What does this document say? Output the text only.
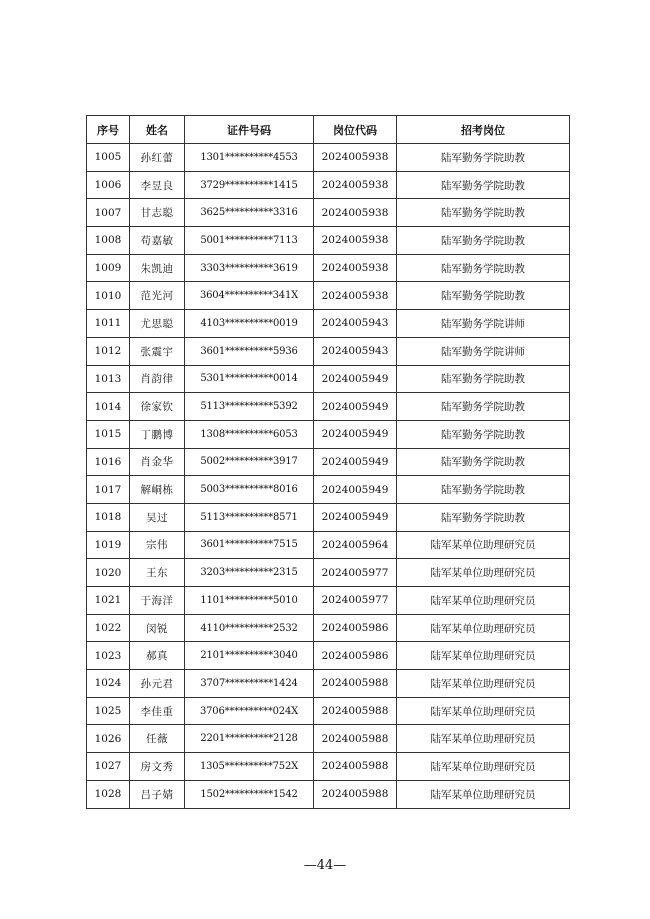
序号	姓名	证件号码	岗位代码	招考岗位
1005	孙红蕾	1301**********4553	2024005938	陆军勤务学院助教
1006	李昱良	3729**********1415	2024005938	陆军勤务学院助教
1007	甘志聪	3625**********3316	2024005938	陆军勤务学院助教
1008	苟嘉敏	5001**********7113	2024005938	陆军勤务学院助教
1009	朱凯迪	3303**********3619	2024005938	陆军勤务学院助教
1010	范光河	3604**********341X	2024005938	陆军勤务学院助教
1011	尤思聪	4103**********0019	2024005943	陆军勤务学院讲师
1012	张震宇	3601**********5936	2024005943	陆军勤务学院讲师
1013	肖韵律	5301**********0014	2024005949	陆军勤务学院助教
1014	徐家钦	5113**********5392	2024005949	陆军勤务学院助教
1015	丁鹏博	1308**********6053	2024005949	陆军勤务学院助教
1016	肖金华	5002**********3917	2024005949	陆军勤务学院助教
1017	解峒栋	5003**********8016	2024005949	陆军勤务学院助教
1018	吴过	5113**********8571	2024005949	陆军勤务学院助教
1019	宗伟	3601**********7515	2024005964	陆军某单位助理研究员
1020	王东	3203**********2315	2024005977	陆军某单位助理研究员
1021	于海洋	1101**********5010	2024005977	陆军某单位助理研究员
1022	闵锐	4110**********2532	2024005986	陆军某单位助理研究员
1023	郝真	2101**********3040	2024005986	陆军某单位助理研究员
1024	孙元君	3707**********1424	2024005988	陆军某单位助理研究员
1025	李佳重	3706**********024X	2024005988	陆军某单位助理研究员
1026	任薇	2201**********2128	2024005988	陆军某单位助理研究员
1027	房文秀	1305**********752X	2024005988	陆军某单位助理研究员
1028	吕子婧	1502**********1542	2024005988	陆军某单位助理研究员
—44—
